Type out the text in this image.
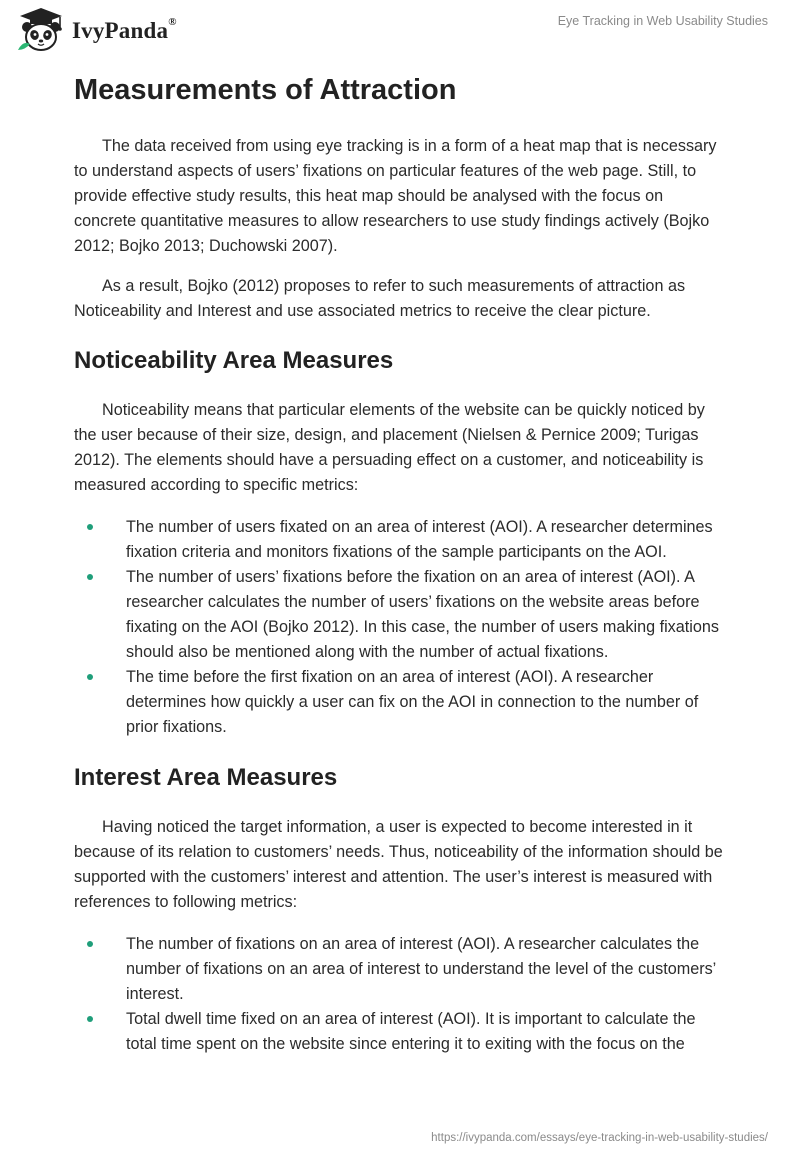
IvyPanda®	Eye Tracking in Web Usability Studies
Measurements of Attraction

The data received from using eye tracking is in a form of a heat map that is necessary to understand aspects of users’ fixations on particular features of the web page. Still, to provide effective study results, this heat map should be analysed with the focus on concrete quantitative measures to allow researchers to use study findings actively (Bojko 2012; Bojko 2013; Duchowski 2007).

As a result, Bojko (2012) proposes to refer to such measurements of attraction as Noticeability and Interest and use associated metrics to receive the clear picture.

Noticeability Area Measures

Noticeability means that particular elements of the website can be quickly noticed by the user because of their size, design, and placement (Nielsen & Pernice 2009; Turigas 2012). The elements should have a persuading effect on a customer, and noticeability is measured according to specific metrics:

The number of users fixated on an area of interest (AOI). A researcher determines fixation criteria and monitors fixations of the sample participants on the AOI.
The number of users’ fixations before the fixation on an area of interest (AOI). A researcher calculates the number of users’ fixations on the website areas before fixating on the AOI (Bojko 2012). In this case, the number of users making fixations should also be mentioned along with the number of actual fixations.
The time before the first fixation on an area of interest (AOI). A researcher determines how quickly a user can fix on the AOI in connection to the number of prior fixations.
Interest Area Measures

Having noticed the target information, a user is expected to become interested in it because of its relation to customers’ needs. Thus, noticeability of the information should be supported with the customers’ interest and attention. The user’s interest is measured with references to following metrics:

The number of fixations on an area of interest (AOI). A researcher calculates the number of fixations on an area of interest to understand the level of the customers’ interest.
Total dwell time fixed on an area of interest (AOI). It is important to calculate the total time spent on the website since entering it to exiting with the focus on the
https://ivypanda.com/essays/eye-tracking-in-web-usability-studies/
